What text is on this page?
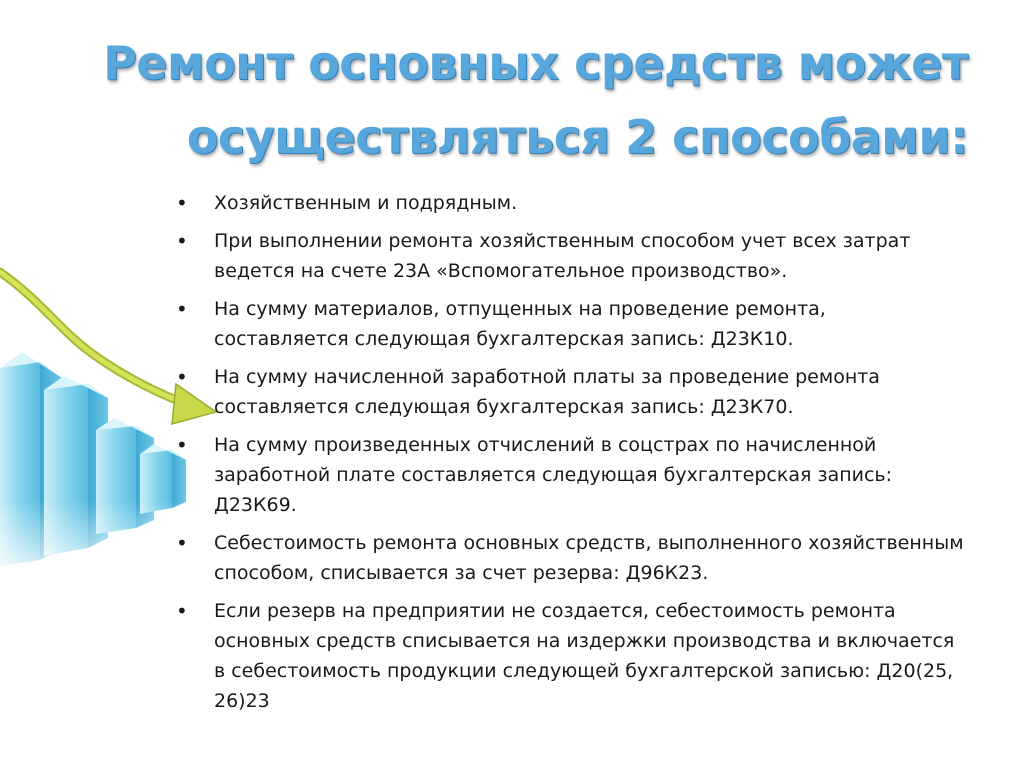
Ремонт основных средств может
осуществляться 2 способами:
• Хозяйственным и подрядным.
• При выполнении ремонта хозяйственным способом учет всех затрат ведется на счете 23А «Вспомогательное производство».
• На сумму материалов, отпущенных на проведение ремонта, составляется следующая бухгалтерская запись: Д23К10.
• На сумму начисленной заработной платы за проведение ремонта составляется следующая бухгалтерская запись: Д23К70.
• На сумму произведенных отчислений в соцстрах по начисленной заработной плате составляется следующая бухгалтерская запись: Д23К69.
• Себестоимость ремонта основных средств, выполненного хозяйственным способом, списывается за счет резерва: Д96К23.
• Если резерв на предприятии не создается, себестоимость ремонта основных средств списывается на издержки производства и включается в себестоимость продукции следующей бухгалтерской записью: Д20(25, 26)23
